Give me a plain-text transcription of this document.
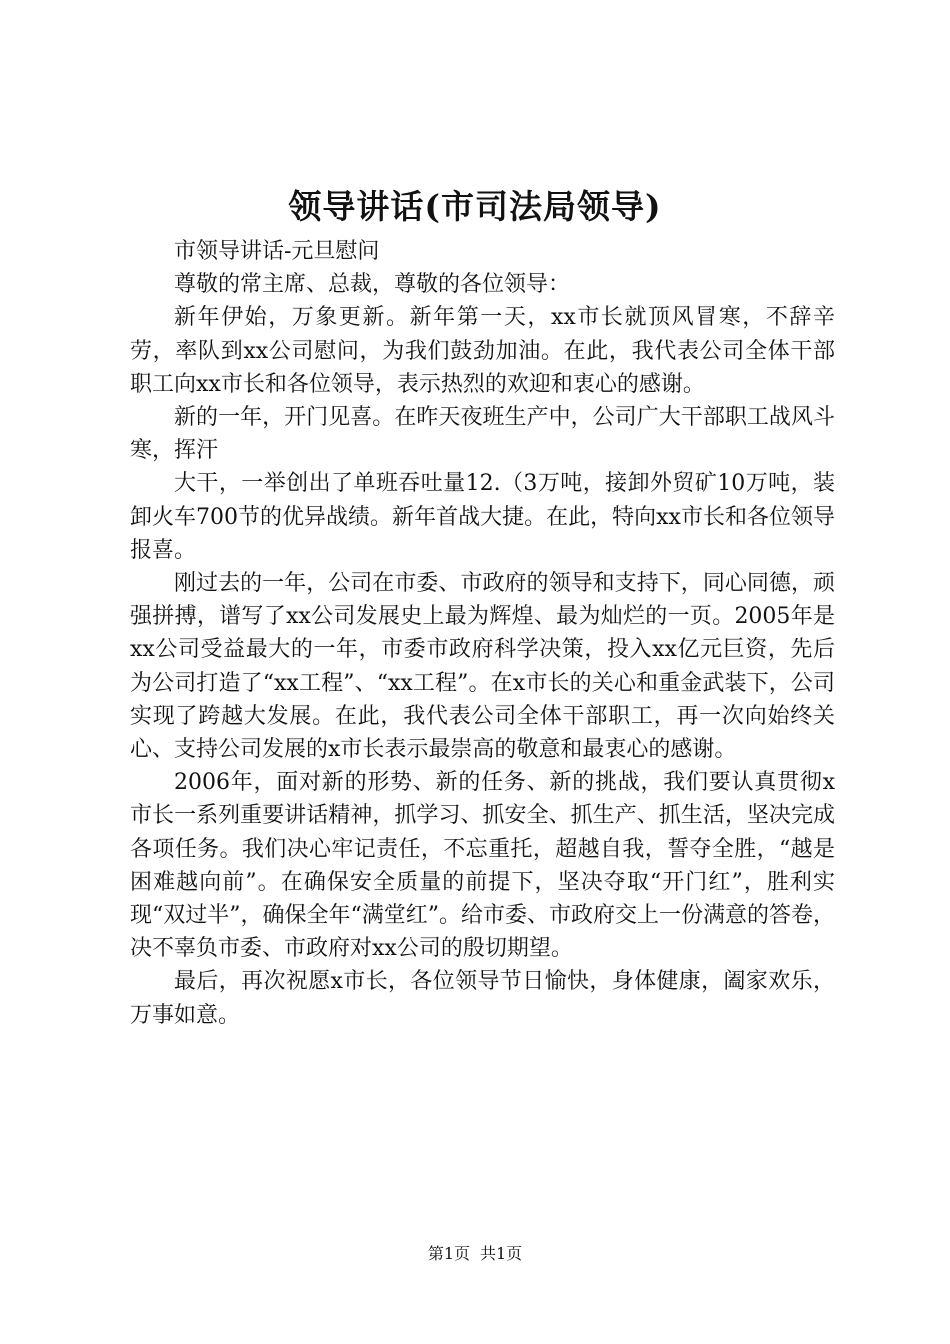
领导讲话(市司法局领导)

市领导讲话-元旦慰问

尊敬的常主席、总裁，尊敬的各位领导：

新年伊始，万象更新。新年第一天，xx市长就顶风冒寒，不辞辛劳，率队到xx公司慰问，为我们鼓劲加油。在此，我代表公司全体干部职工向xx市长和各位领导，表示热烈的欢迎和衷心的感谢。

新的一年，开门见喜。在昨天夜班生产中，公司广大干部职工战风斗寒，挥汗

大干，一举创出了单班吞吐量12.（3万吨，接卸外贸矿10万吨，装卸火车700节的优异战绩。新年首战大捷。在此，特向xx市长和各位领导报喜。

刚过去的一年，公司在市委、市政府的领导和支持下，同心同德，顽强拼搏，谱写了xx公司发展史上最为辉煌、最为灿烂的一页。2005年是xx公司受益最大的一年，市委市政府科学决策，投入xx亿元巨资，先后为公司打造了“xx工程”、“xx工程”。在x市长的关心和重金武装下，公司实现了跨越大发展。在此，我代表公司全体干部职工，再一次向始终关心、支持公司发展的x市长表示最崇高的敬意和最衷心的感谢。

2006年，面对新的形势、新的任务、新的挑战，我们要认真贯彻x市长一系列重要讲话精神，抓学习、抓安全、抓生产、抓生活，坚决完成各项任务。我们决心牢记责任，不忘重托，超越自我，誓夺全胜，“越是困难越向前”。在确保安全质量的前提下，坚决夺取“开门红”，胜利实现“双过半”，确保全年“满堂红”。给市委、市政府交上一份满意的答卷，决不辜负市委、市政府对xx公司的殷切期望。

最后，再次祝愿x市长，各位领导节日愉快，身体健康，阖家欢乐，万事如意。

第1页 共1页
